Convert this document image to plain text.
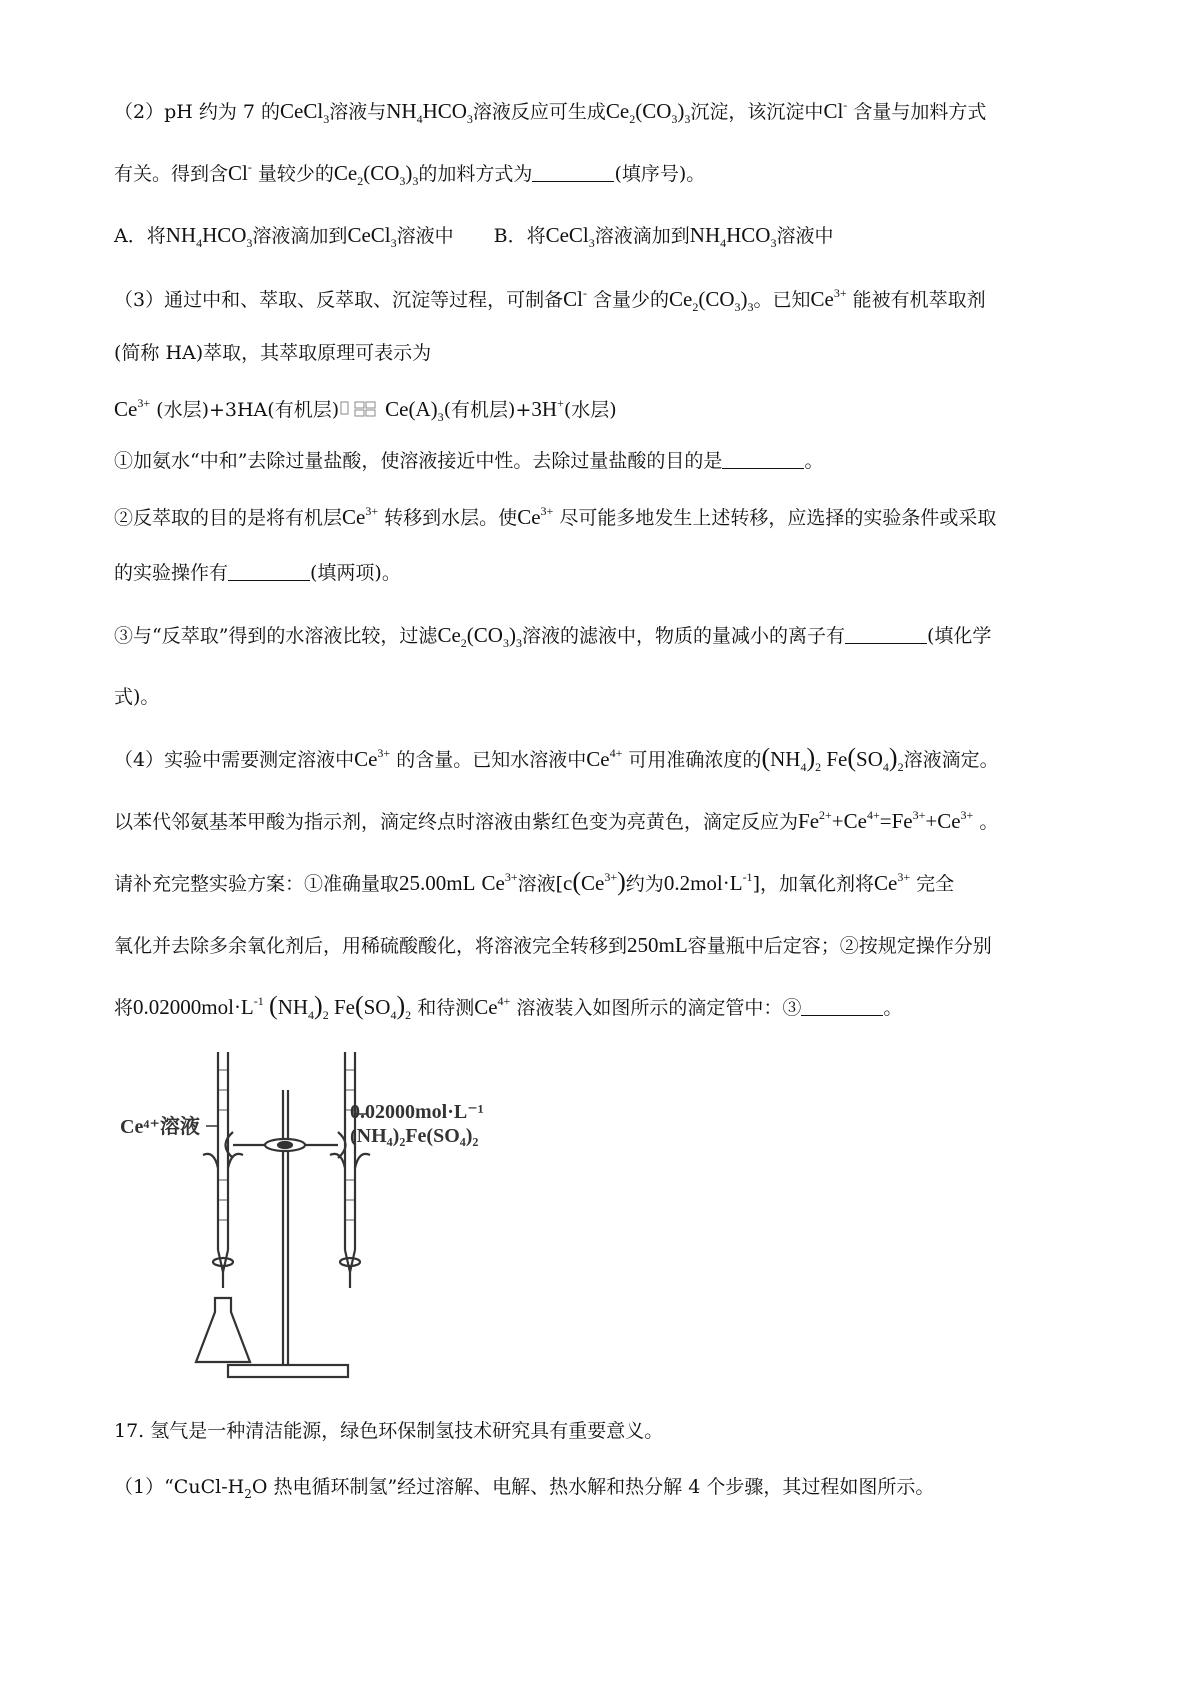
（2）pH 约为 7 的CeCl$_3$溶液与$NH_4HCO_3$溶液反应可生成$Ce_2(CO_3)_3$沉淀，该沉淀中Cl- 含量与加料方式
有关。得到含Cl- 量较少的$Ce_2(CO_3)_3$的加料方式为	(填序号)。
A．将$NH_4HCO_3$溶液滴加到CeCl$_3$溶液中 B．将CeCl$_3$溶液滴加到$NH_4HCO_3$溶液中
（3）通过中和、萃取、反萃取、沉淀等过程，可制备Cl- 含量少的$Ce_2(CO_3)_3$。已知$Ce^{3+}$ 能被有机萃取剂
(简称 HA)萃取，其萃取原理可表示为
$Ce^{3+}$ (水层)+3HA(有机层) $Ce(A)_3$(有机层)+3H+(水层)
①加氨水“中和”去除过量盐酸，使溶液接近中性。去除过量盐酸的目的是	。
②反萃取的目的是将有机层$Ce^{3+}$ 转移到水层。使$Ce^{3+}$ 尽可能多地发生上述转移，应选择的实验条件或采取
的实验操作有	(填两项)。
③与“反萃取”得到的水溶液比较，过滤$Ce_2(CO_3)_3$溶液的滤液中，物质的量减小的离子有	(填化学
式)。
（4）实验中需要测定溶液中$Ce^{3+}$ 的含量。已知水溶液中$Ce^{4+}$ 可用准确浓度的$(NH_4)_2$ $Fe(SO_4)_2$溶液滴定。
以苯代邻氨基苯甲酸为指示剂，滴定终点时溶液由紫红色变为亮黄色，滴定反应为$Fe^{2+}+Ce^{4+}=Fe^{3+}+Ce^{3+}$ 。
请补充完整实验方案：①准确量取25.00mL $Ce^{3+}$溶液[$c(Ce^{3+})$约为$0.2mol\cdot L^{-1}$]，加氧化剂将$Ce^{3+}$ 完全
氧化并去除多余氧化剂后，用稀硫酸酸化，将溶液完全转移到250mL容量瓶中后定容；②按规定操作分别
将$0.02000mol\cdot L^{-1}$ $(NH_4)_2$ $Fe(SO_4)_2$ 和待测$Ce^{4+}$ 溶液装入如图所示的滴定管中：③	。
Ce⁴⁺溶液
0.02000mol·L⁻¹
(NH₄)₂Fe(SO₄)₂
17. 氢气是一种清洁能源，绿色环保制氢技术研究具有重要意义。
$(1)“CuCl-H_2O$ 热电循环制氢”经过溶解、电解、热水解和热分解 4 个步骤，其过程如图所示。
